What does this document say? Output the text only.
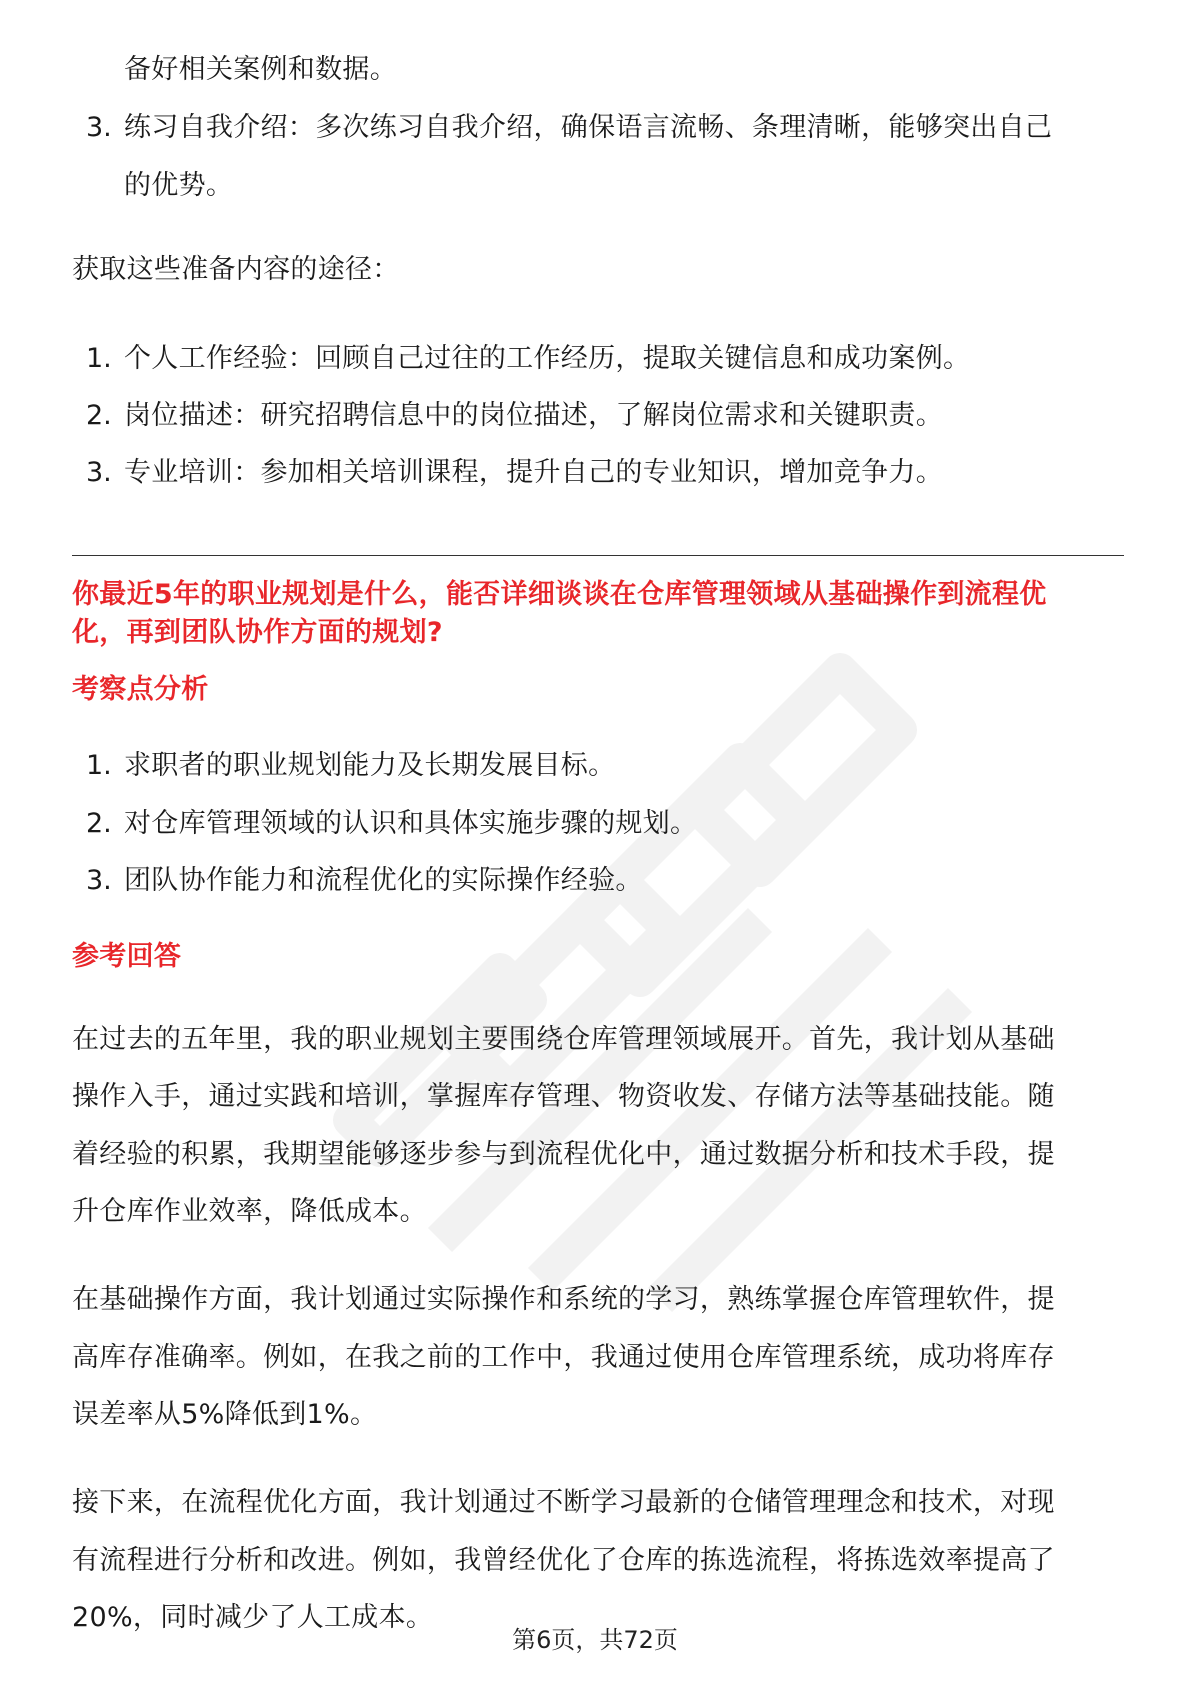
备好相关案例和数据。
3. 练习自我介绍：多次练习自我介绍，确保语言流畅、条理清晰，能够突出自己
的优势。
获取这些准备内容的途径：
1. 个人工作经验：回顾自己过往的工作经历，提取关键信息和成功案例。
2. 岗位描述：研究招聘信息中的岗位描述，了解岗位需求和关键职责。
3. 专业培训：参加相关培训课程，提升自己的专业知识，增加竞争力。
你最近5年的职业规划是什么，能否详细谈谈在仓库管理领域从基础操作到流程优
化，再到团队协作方面的规划?
考察点分析
1. 求职者的职业规划能力及长期发展目标。
2. 对仓库管理领域的认识和具体实施步骤的规划。
3. 团队协作能力和流程优化的实际操作经验。
参考回答
在过去的五年里，我的职业规划主要围绕仓库管理领域展开。首先，我计划从基础
操作入手，通过实践和培训，掌握库存管理、物资收发、存储方法等基础技能。随
着经验的积累，我期望能够逐步参与到流程优化中，通过数据分析和技术手段，提
升仓库作业效率，降低成本。
在基础操作方面，我计划通过实际操作和系统的学习，熟练掌握仓库管理软件，提
高库存准确率。例如，在我之前的工作中，我通过使用仓库管理系统，成功将库存
误差率从5%降低到1%。
接下来，在流程优化方面，我计划通过不断学习最新的仓储管理理念和技术，对现
有流程进行分析和改进。例如，我曾经优化了仓库的拣选流程，将拣选效率提高了
20%，同时减少了人工成本。
第6页，共72页
